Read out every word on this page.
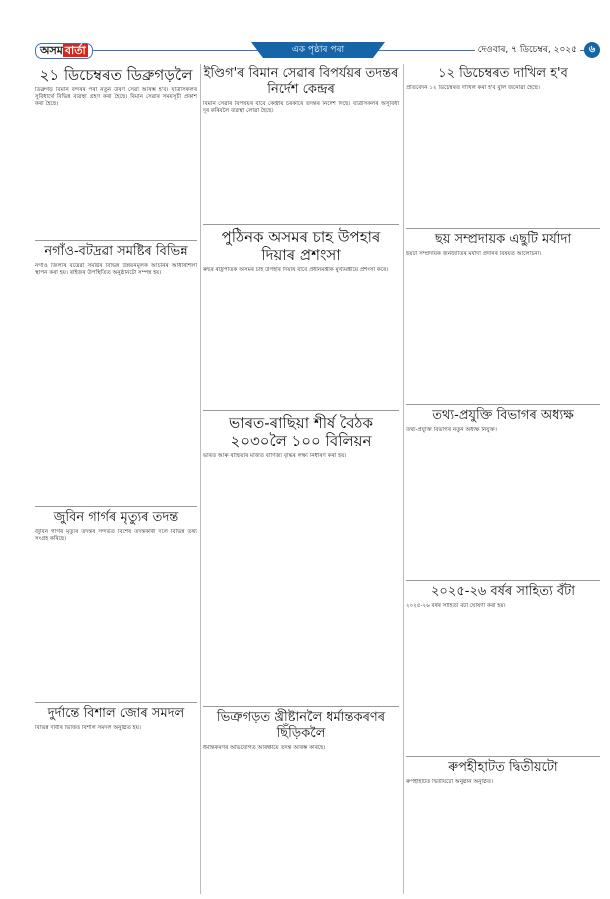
অসম বাৰ্তা	এক পৃষ্ঠাৰ পৰা	দেওবাৰ, ৭ ডিচেম্বৰ, ২০২৫	৬
২১ ডিচেম্বৰত ডিব্ৰুগড়লৈ
ডিব্ৰুগড় বিমান বন্দৰৰ পৰা নতুন উৰণ সেৱা আৰম্ভ হ'ব। যাত্ৰীসকলৰ সুবিধাৰ্থে বিভিন্ন ব্যৱস্থা গ্ৰহণ কৰা হৈছে। বিমান সেৱাৰ সময়সূচী প্ৰকাশ কৰা হৈছে।
নগাঁও-বটদ্ৰৱা সমষ্টিৰ বিভিন্ন
নগাঁও জিলাৰ বটদ্ৰৱা সমষ্টিৰ বিভিন্ন উন্নয়নমূলক আঁচনিৰ আধাৰশিলা স্থাপন কৰা হয়। ৰাইজৰ উপস্থিতিত অনুষ্ঠানটো সম্পন্ন হয়।
জুবিন গাৰ্গৰ মৃত্যুৰ তদন্ত
জুবিন গাৰ্গৰ মৃত্যুৰ তদন্তৰ সন্দৰ্ভত বিশেষ তদন্তকাৰী দলে বিভিন্ন তথ্য সংগ্ৰহ কৰিছে।
দুৰ্দান্তে বিশাল জোৰ সমদল
বিভিন্ন দাবীৰ ভিত্তিত বিশাল সমদল অনুষ্ঠিত হয়।
ইণ্ডিগ'ৰ বিমান সেৱাৰ বিপৰ্যয়ৰ তদন্তৰ নিৰ্দেশ কেন্দ্ৰৰ
বিমান সেৱাৰ বিপৰ্যয়ৰ বাবে কেন্দ্ৰীয় চৰকাৰে তদন্তৰ নিৰ্দেশ দিছে। যাত্ৰীসকলৰ অসুবিধা দূৰ কৰিবলৈ ব্যৱস্থা লোৱা হৈছে।
পুঠিনক অসমৰ চাহ উপহাৰ দিয়াৰ প্ৰশংসা
ৰুছৰ ৰাষ্ট্ৰপতিক অসমৰ চাহ উপহাৰ দিয়াৰ বাবে প্ৰধানমন্ত্ৰীক মুখ্যমন্ত্ৰীয়ে প্ৰশংসা কৰে।
ভাৰত-ৰাছিয়া শীৰ্ষ বৈঠক ২০৩০লৈ ১০০ বিলিয়ন
ভাৰত আৰু ৰাছিয়াৰ মাজত বাণিজ্য বৃদ্ধিৰ লক্ষ্য নিৰ্ধাৰণ কৰা হয়।
ভিত্ৰুগড়ত খ্ৰীষ্টানলৈ ধৰ্মান্তকৰণৰ ছিঁড়িকলৈ
ধৰ্মান্তকৰণৰ অভিযোগত আৰক্ষীয়ে তদন্ত আৰম্ভ কৰিছে।
১২ ডিচেম্বৰত দাখিল হ'ব
প্ৰতিবেদন ১২ ডিচেম্বৰত দাখিল কৰা হ'ব বুলি জনোৱা হৈছে।
ছয় সম্প্ৰদায়ক এছুটি মৰ্যাদা
ছয়টা সম্প্ৰদায়ক জনজাতিৰ মৰ্যাদা প্ৰদানৰ বিষয়ত আলোচনা।
তথ্য-প্ৰযুক্তি বিভাগৰ অধ্যক্ষ
তথ্য-প্ৰযুক্তি বিভাগৰ নতুন অধ্যক্ষ নিযুক্ত।
২০২৫-২৬ বৰ্ষৰ সাহিত্য বঁটা
২০২৫-২৬ বৰ্ষৰ সাহিত্য বঁটা ঘোষণা কৰা হয়।
ৰুপহীহাটত দ্বিতীয়টো
ৰুপহীহাটত দ্বিতীয়টো অনুষ্ঠান অনুষ্ঠিত।
